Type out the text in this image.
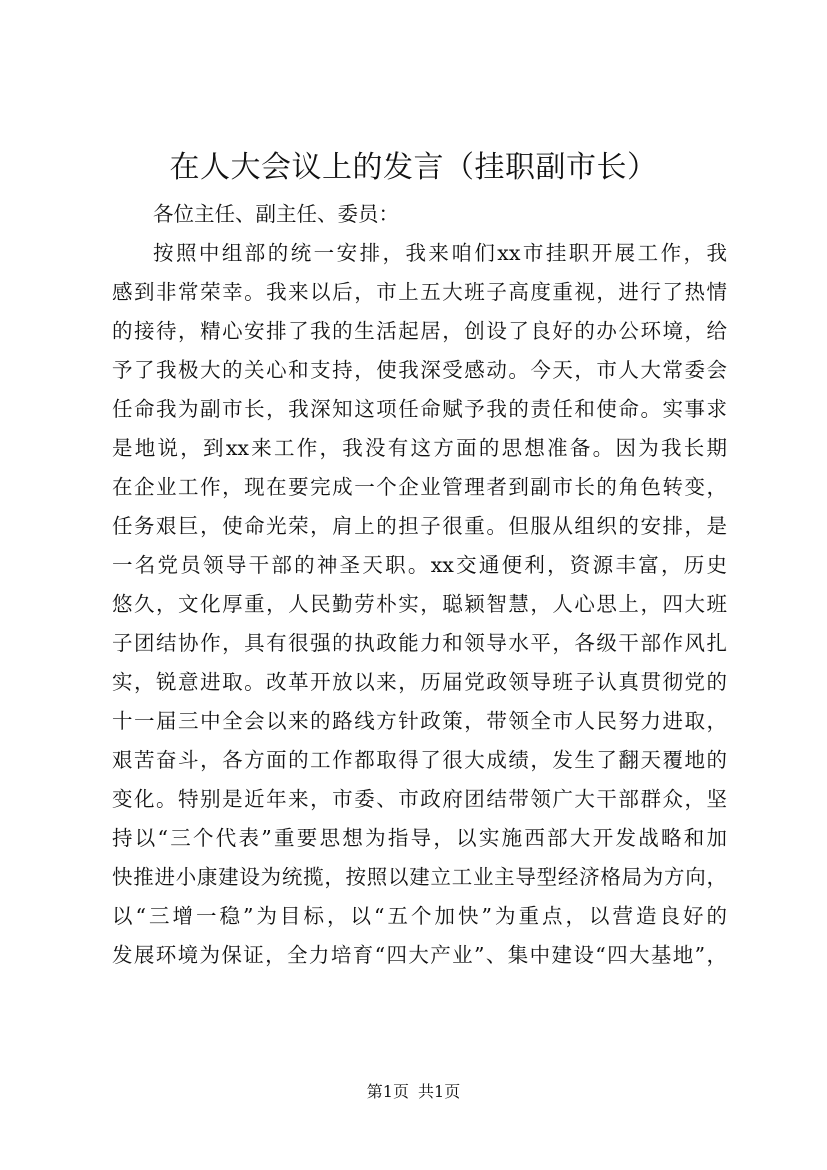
在人大会议上的发言（挂职副市长）
各位主任、副主任、委员：
按照中组部的统一安排，我来咱们xx市挂职开展工作，我
感到非常荣幸。我来以后，市上五大班子高度重视，进行了热情
的接待，精心安排了我的生活起居，创设了良好的办公环境，给
予了我极大的关心和支持，使我深受感动。今天，市人大常委会
任命我为副市长，我深知这项任命赋予我的责任和使命。实事求
是地说，到xx来工作，我没有这方面的思想准备。因为我长期
在企业工作，现在要完成一个企业管理者到副市长的角色转变，
任务艰巨，使命光荣，肩上的担子很重。但服从组织的安排，是
一名党员领导干部的神圣天职。xx交通便利，资源丰富，历史
悠久，文化厚重，人民勤劳朴实，聪颖智慧，人心思上，四大班
子团结协作，具有很强的执政能力和领导水平，各级干部作风扎
实，锐意进取。改革开放以来，历届党政领导班子认真贯彻党的
十一届三中全会以来的路线方针政策，带领全市人民努力进取，
艰苦奋斗，各方面的工作都取得了很大成绩，发生了翻天覆地的
变化。特别是近年来，市委、市政府团结带领广大干部群众，坚
持以“三个代表”重要思想为指导，以实施西部大开发战略和加
快推进小康建设为统揽，按照以建立工业主导型经济格局为方向，
以“三增一稳”为目标，以“五个加快”为重点，以营造良好的
发展环境为保证，全力培育“四大产业”、集中建设“四大基地”，
第1页 共1页
